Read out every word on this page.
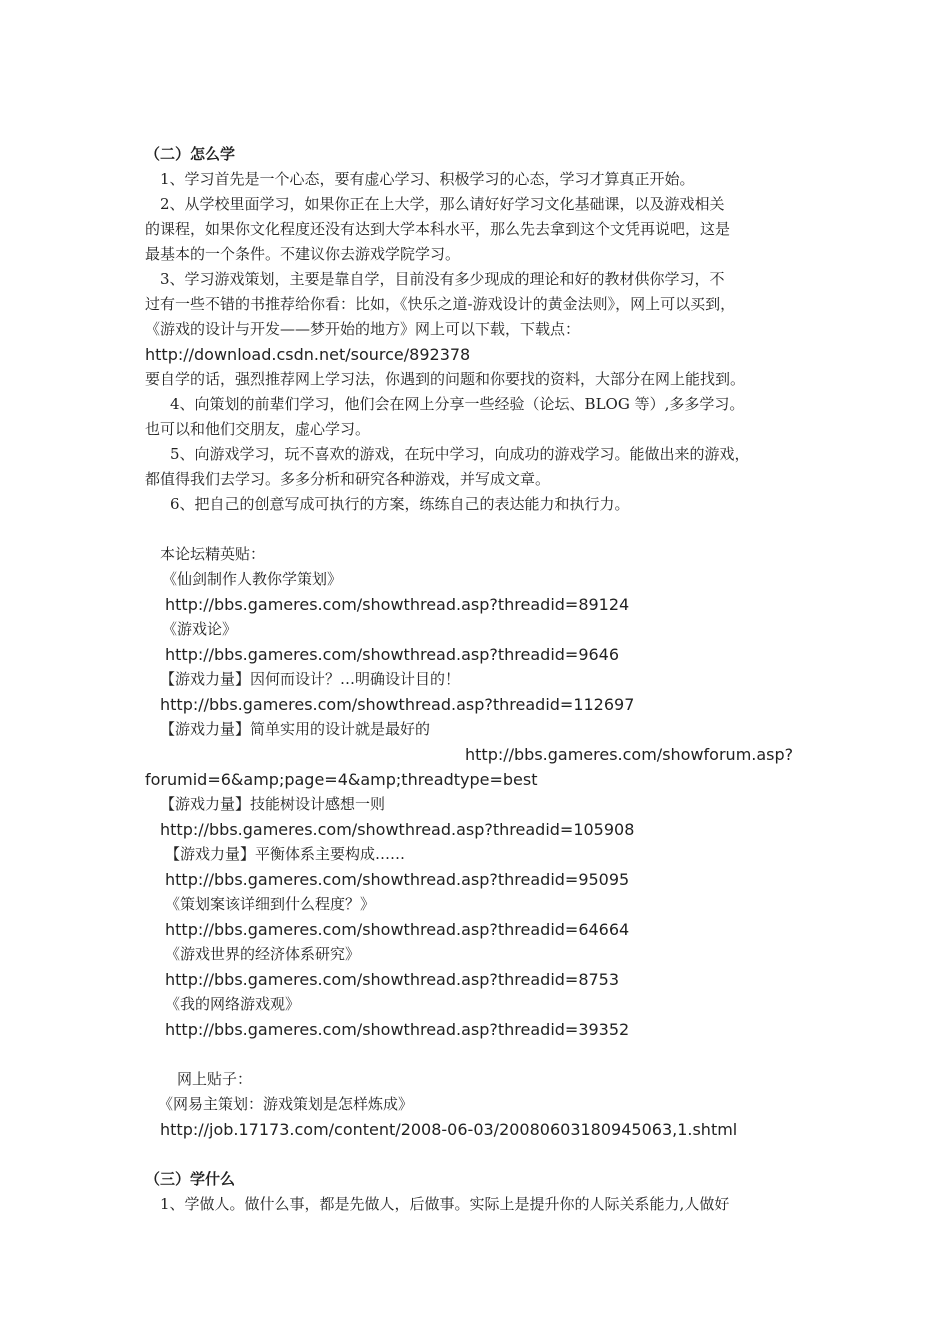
（二）怎么学
1、学习首先是一个心态，要有虚心学习、积极学习的心态，学习才算真正开始。
2、从学校里面学习，如果你正在上大学，那么请好好学习文化基础课，以及游戏相关
的课程，如果你文化程度还没有达到大学本科水平，那么先去拿到这个文凭再说吧，这是
最基本的一个条件。不建议你去游戏学院学习。
3、学习游戏策划，主要是靠自学，目前没有多少现成的理论和好的教材供你学习，不
过有一些不错的书推荐给你看：比如，《快乐之道-游戏设计的黄金法则》，网上可以买到，
《游戏的设计与开发——梦开始的地方》网上可以下载，下载点：
http://download.csdn.net/source/892378
要自学的话，强烈推荐网上学习法，你遇到的问题和你要找的资料，大部分在网上能找到。
4、向策划的前辈们学习，他们会在网上分享一些经验（论坛、BLOG 等）,多多学习。
也可以和他们交朋友，虚心学习。
5、向游戏学习，玩不喜欢的游戏，在玩中学习，向成功的游戏学习。能做出来的游戏，
都值得我们去学习。多多分析和研究各种游戏，并写成文章。
6、把自己的创意写成可执行的方案，练练自己的表达能力和执行力。
本论坛精英贴：
《仙剑制作人教你学策划》
http://bbs.gameres.com/showthread.asp?threadid=89124
《游戏论》
http://bbs.gameres.com/showthread.asp?threadid=9646
【游戏力量】因何而设计？…明确设计目的！
http://bbs.gameres.com/showthread.asp?threadid=112697
【游戏力量】简单实用的设计就是最好的
http://bbs.gameres.com/showforum.asp?
forumid=6&amp;page=4&amp;threadtype=best
【游戏力量】技能树设计感想一则
http://bbs.gameres.com/showthread.asp?threadid=105908
【游戏力量】平衡体系主要构成……
http://bbs.gameres.com/showthread.asp?threadid=95095
《策划案该详细到什么程度？》
http://bbs.gameres.com/showthread.asp?threadid=64664
《游戏世界的经济体系研究》
http://bbs.gameres.com/showthread.asp?threadid=8753
《我的网络游戏观》
http://bbs.gameres.com/showthread.asp?threadid=39352
网上贴子：
《网易主策划：游戏策划是怎样炼成》
http://job.17173.com/content/2008-06-03/20080603180945063,1.shtml
（三）学什么
1、学做人。做什么事，都是先做人，后做事。实际上是提升你的人际关系能力,人做好
